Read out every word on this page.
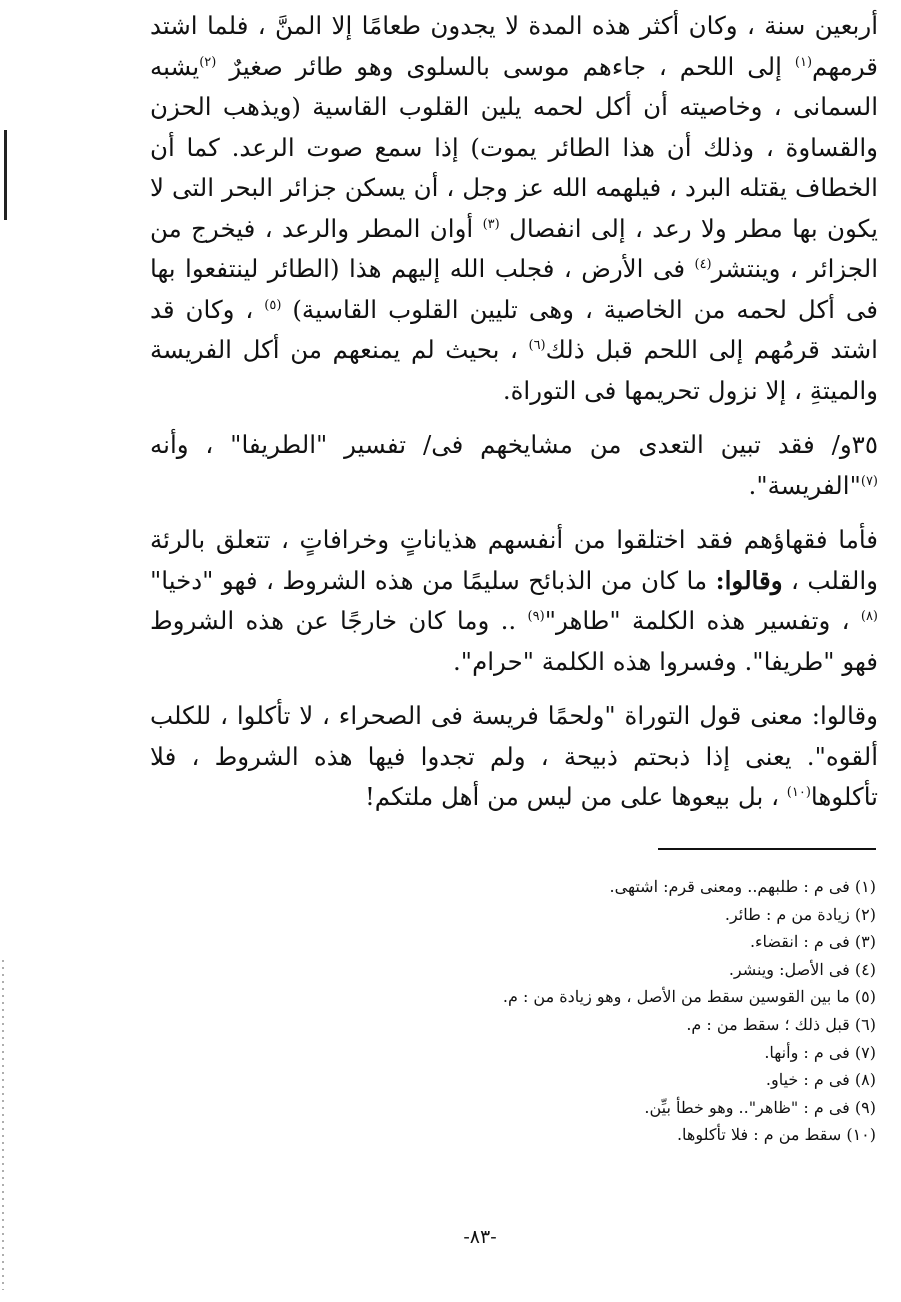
أربعين سنة ، وكان أكثر هذه المدة لا يجدون طعامًا إلا المنَّ ، فلما اشتد قرمهم$^{(١)}$ إلى اللحم ، جاءهم موسى بالسلوى وهو طائر صغيرٌ $^{(٢)}$يشبه السمانى ، وخاصيته أن أكل لحمه يلين القلوب القاسية (ويذهب الحزن والقساوة ، وذلك أن هذا الطائر يموت) إذا سمع صوت الرعد. كما أن الخطاف يقتله البرد ، فيلهمه الله عز وجل ، أن يسكن جزائر البحر التى لا يكون بها مطر ولا رعد ، إلى انفصال $^{(٣)}$ أوان المطر والرعد ، فيخرج من الجزائر ، وينتشر$^{(٤)}$ فى الأرض ، فجلب الله إليهم هذا (الطائر لينتفعوا بها فى أكل لحمه من الخاصية ، وهى تليين القلوب القاسية) $^{(٥)}$ ، وكان قد اشتد قرمُهم إلى اللحم قبل ذلك$^{(٦)}$ ، بحيث لم يمنعهم من أكل الفريسة والميتةِ ، إلا نزول تحريمها فى التوراة.

٣٥و/ فقد تبين التعدى من مشايخهم فى/ تفسير "الطريفا" ، وأنه $^{(٧)}$"الفريسة".

فأما فقهاؤهم فقد اختلقوا من أنفسهم هذياناتٍ وخرافاتٍ ، تتعلق بالرئة والقلب ، وقالوا: ما كان من الذبائح سليمًا من هذه الشروط ، فهو "دخيا"$^{(٨)}$ ، وتفسير هذه الكلمة "طاهر"$^{(٩)}$ .. وما كان خارجًا عن هذه الشروط فهو "طريفا". وفسروا هذه الكلمة "حرام".

وقالوا: معنى قول التوراة "ولحمًا فريسة فى الصحراء ، لا تأكلوا ، للكلب ألقوه". يعنى إذا ذبحتم ذبيحة ، ولم تجدوا فيها هذه الشروط ، فلا تأكلوها$^{(١٠)}$ ، بل بيعوها على من ليس من أهل ملتكم!

(١) فى م : طلبهم.. ومعنى قرم: اشتهى.
(٢) زيادة من م : طائر.
(٣) فى م : انقضاء.
(٤) فى الأصل: وينشر.
(٥) ما بين القوسين سقط من الأصل ، وهو زيادة من : م.
(٦) قبل ذلك ؛ سقط من : م.
(٧) فى م : وأنها.
(٨) فى م : خياو.
(٩) فى م : "ظاهر".. وهو خطأ بيِّن.
(١٠) سقط من م : فلا تأكلوها.
-٨٣-
